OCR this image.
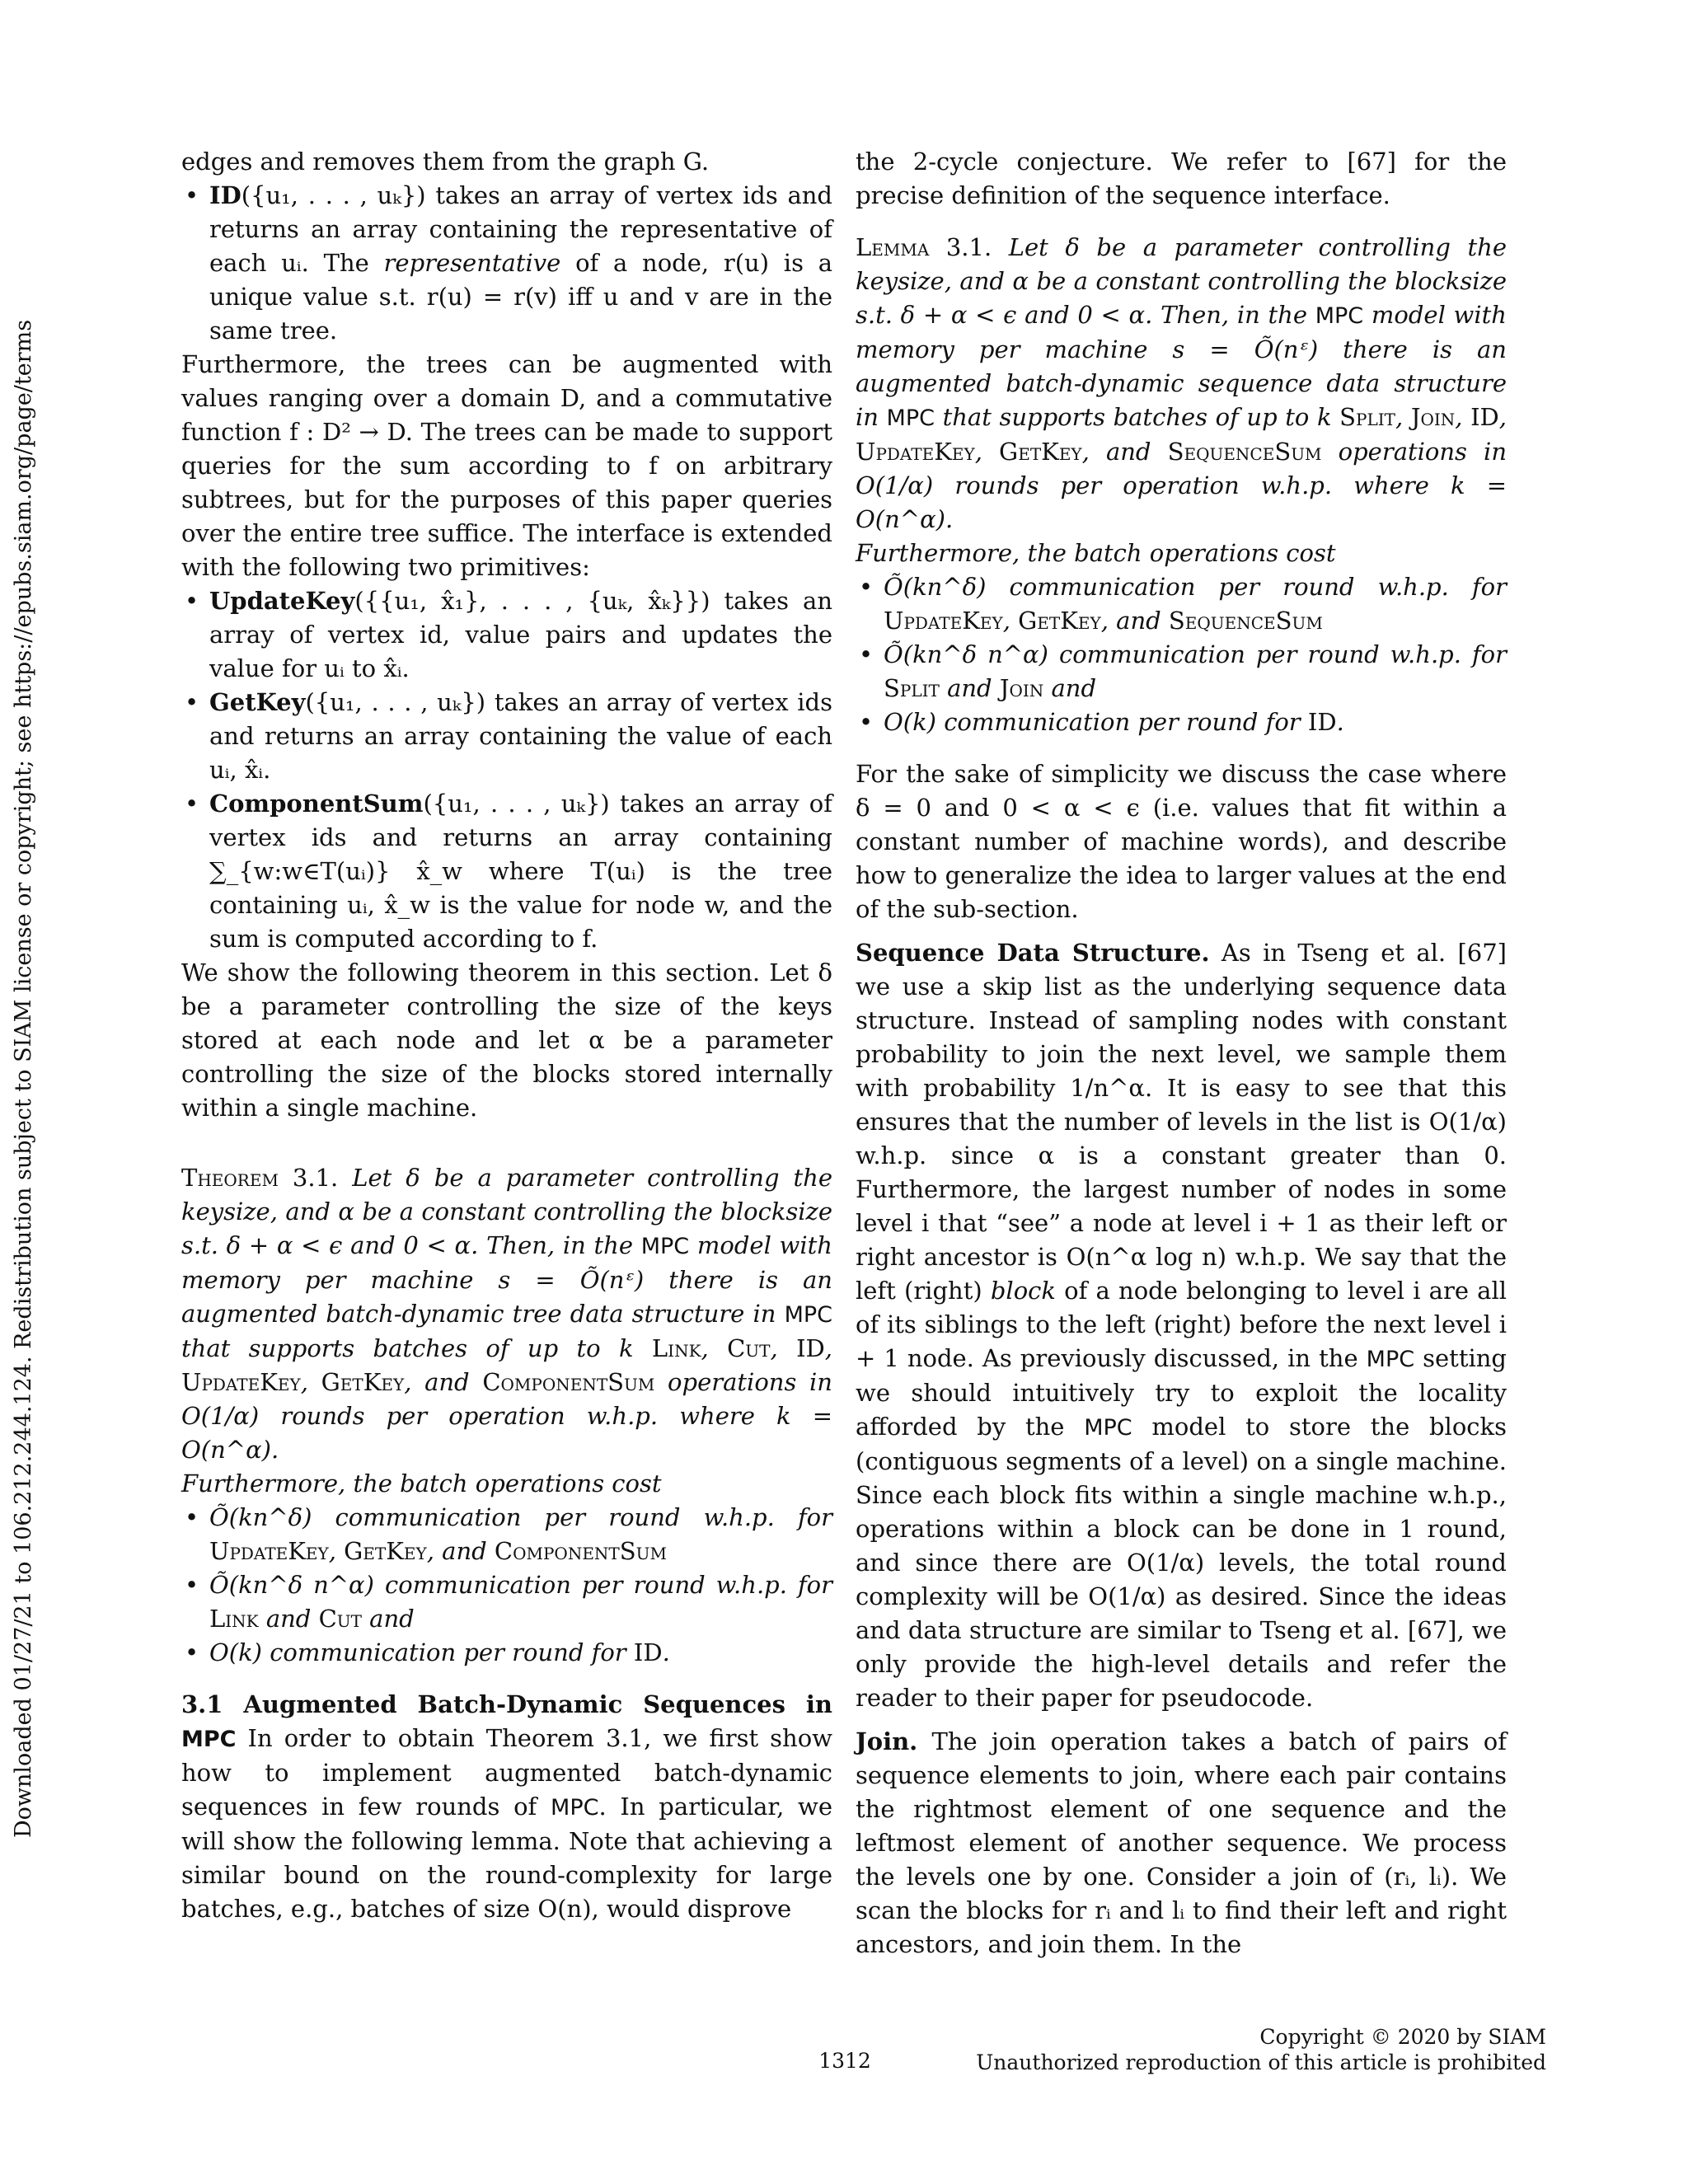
Downloaded 01/27/21 to 106.212.244.124. Redistribution subject to SIAM license or copyright; see https://epubs.siam.org/page/terms

edges and removes them from the graph G.

• ID({u₁, . . . , uₖ}) takes an array of vertex ids and returns an array containing the representative of each uᵢ. The representative of a node, r(u) is a unique value s.t. r(u) = r(v) iff u and v are in the same tree.

Furthermore, the trees can be augmented with values ranging over a domain D, and a commutative function f : D² → D. The trees can be made to support queries for the sum according to f on arbitrary subtrees, but for the purposes of this paper queries over the entire tree suffice. The interface is extended with the following two primitives:

• UpdateKey({{u₁, x̂₁}, . . . , {uₖ, x̂ₖ}}) takes an array of vertex id, value pairs and updates the value for uᵢ to x̂ᵢ.
• GetKey({u₁, . . . , uₖ}) takes an array of vertex ids and returns an array containing the value of each uᵢ, x̂ᵢ.
• ComponentSum({u₁, . . . , uₖ}) takes an array of vertex ids and returns an array containing ∑_{w:w∈T(uᵢ)} x̂_w where T(uᵢ) is the tree containing uᵢ, x̂_w is the value for node w, and the sum is computed according to f.

We show the following theorem in this section. Let δ be a parameter controlling the size of the keys stored at each node and let α be a parameter controlling the size of the blocks stored internally within a single machine.

Theorem 3.1. Let δ be a parameter controlling the keysize, and α be a constant controlling the blocksize s.t. δ + α < ϵ and 0 < α. Then, in the MPC model with memory per machine s = Õ(nᵋ) there is an augmented batch-dynamic tree data structure in MPC that supports batches of up to k Link, Cut, ID, UpdateKey, GetKey, and ComponentSum operations in O(1/α) rounds per operation w.h.p. where k = O(n^α).

Furthermore, the batch operations cost

• Õ(kn^δ) communication per round w.h.p. for UpdateKey, GetKey, and ComponentSum
• Õ(kn^δ n^α) communication per round w.h.p. for Link and Cut and
• O(k) communication per round for ID.

3.1 Augmented Batch-Dynamic Sequences in MPC In order to obtain Theorem 3.1, we first show how to implement augmented batch-dynamic sequences in few rounds of MPC. In particular, we will show the following lemma. Note that achieving a similar bound on the round-complexity for large batches, e.g., batches of size O(n), would disprove

the 2-cycle conjecture. We refer to [67] for the precise definition of the sequence interface.

Lemma 3.1. Let δ be a parameter controlling the keysize, and α be a constant controlling the blocksize s.t. δ + α < ϵ and 0 < α. Then, in the MPC model with memory per machine s = Õ(nᵋ) there is an augmented batch-dynamic sequence data structure in MPC that supports batches of up to k Split, Join, ID, UpdateKey, GetKey, and SequenceSum operations in O(1/α) rounds per operation w.h.p. where k = O(n^α).

Furthermore, the batch operations cost

• Õ(kn^δ) communication per round w.h.p. for UpdateKey, GetKey, and SequenceSum
• Õ(kn^δ n^α) communication per round w.h.p. for Split and Join and
• O(k) communication per round for ID.

For the sake of simplicity we discuss the case where δ = 0 and 0 < α < ϵ (i.e. values that fit within a constant number of machine words), and describe how to generalize the idea to larger values at the end of the sub-section.

Sequence Data Structure. As in Tseng et al. [67] we use a skip list as the underlying sequence data structure. Instead of sampling nodes with constant probability to join the next level, we sample them with probability 1/n^α. It is easy to see that this ensures that the number of levels in the list is O(1/α) w.h.p. since α is a constant greater than 0. Furthermore, the largest number of nodes in some level i that “see” a node at level i + 1 as their left or right ancestor is O(n^α log n) w.h.p. We say that the left (right) block of a node belonging to level i are all of its siblings to the left (right) before the next level i + 1 node. As previously discussed, in the MPC setting we should intuitively try to exploit the locality afforded by the MPC model to store the blocks (contiguous segments of a level) on a single machine. Since each block fits within a single machine w.h.p., operations within a block can be done in 1 round, and since there are O(1/α) levels, the total round complexity will be O(1/α) as desired. Since the ideas and data structure are similar to Tseng et al. [67], we only provide the high-level details and refer the reader to their paper for pseudocode.

Join. The join operation takes a batch of pairs of sequence elements to join, where each pair contains the rightmost element of one sequence and the leftmost element of another sequence. We process the levels one by one. Consider a join of (rᵢ, lᵢ). We scan the blocks for rᵢ and lᵢ to find their left and right ancestors, and join them. In the

1312
Copyright © 2020 by SIAM
Unauthorized reproduction of this article is prohibited
